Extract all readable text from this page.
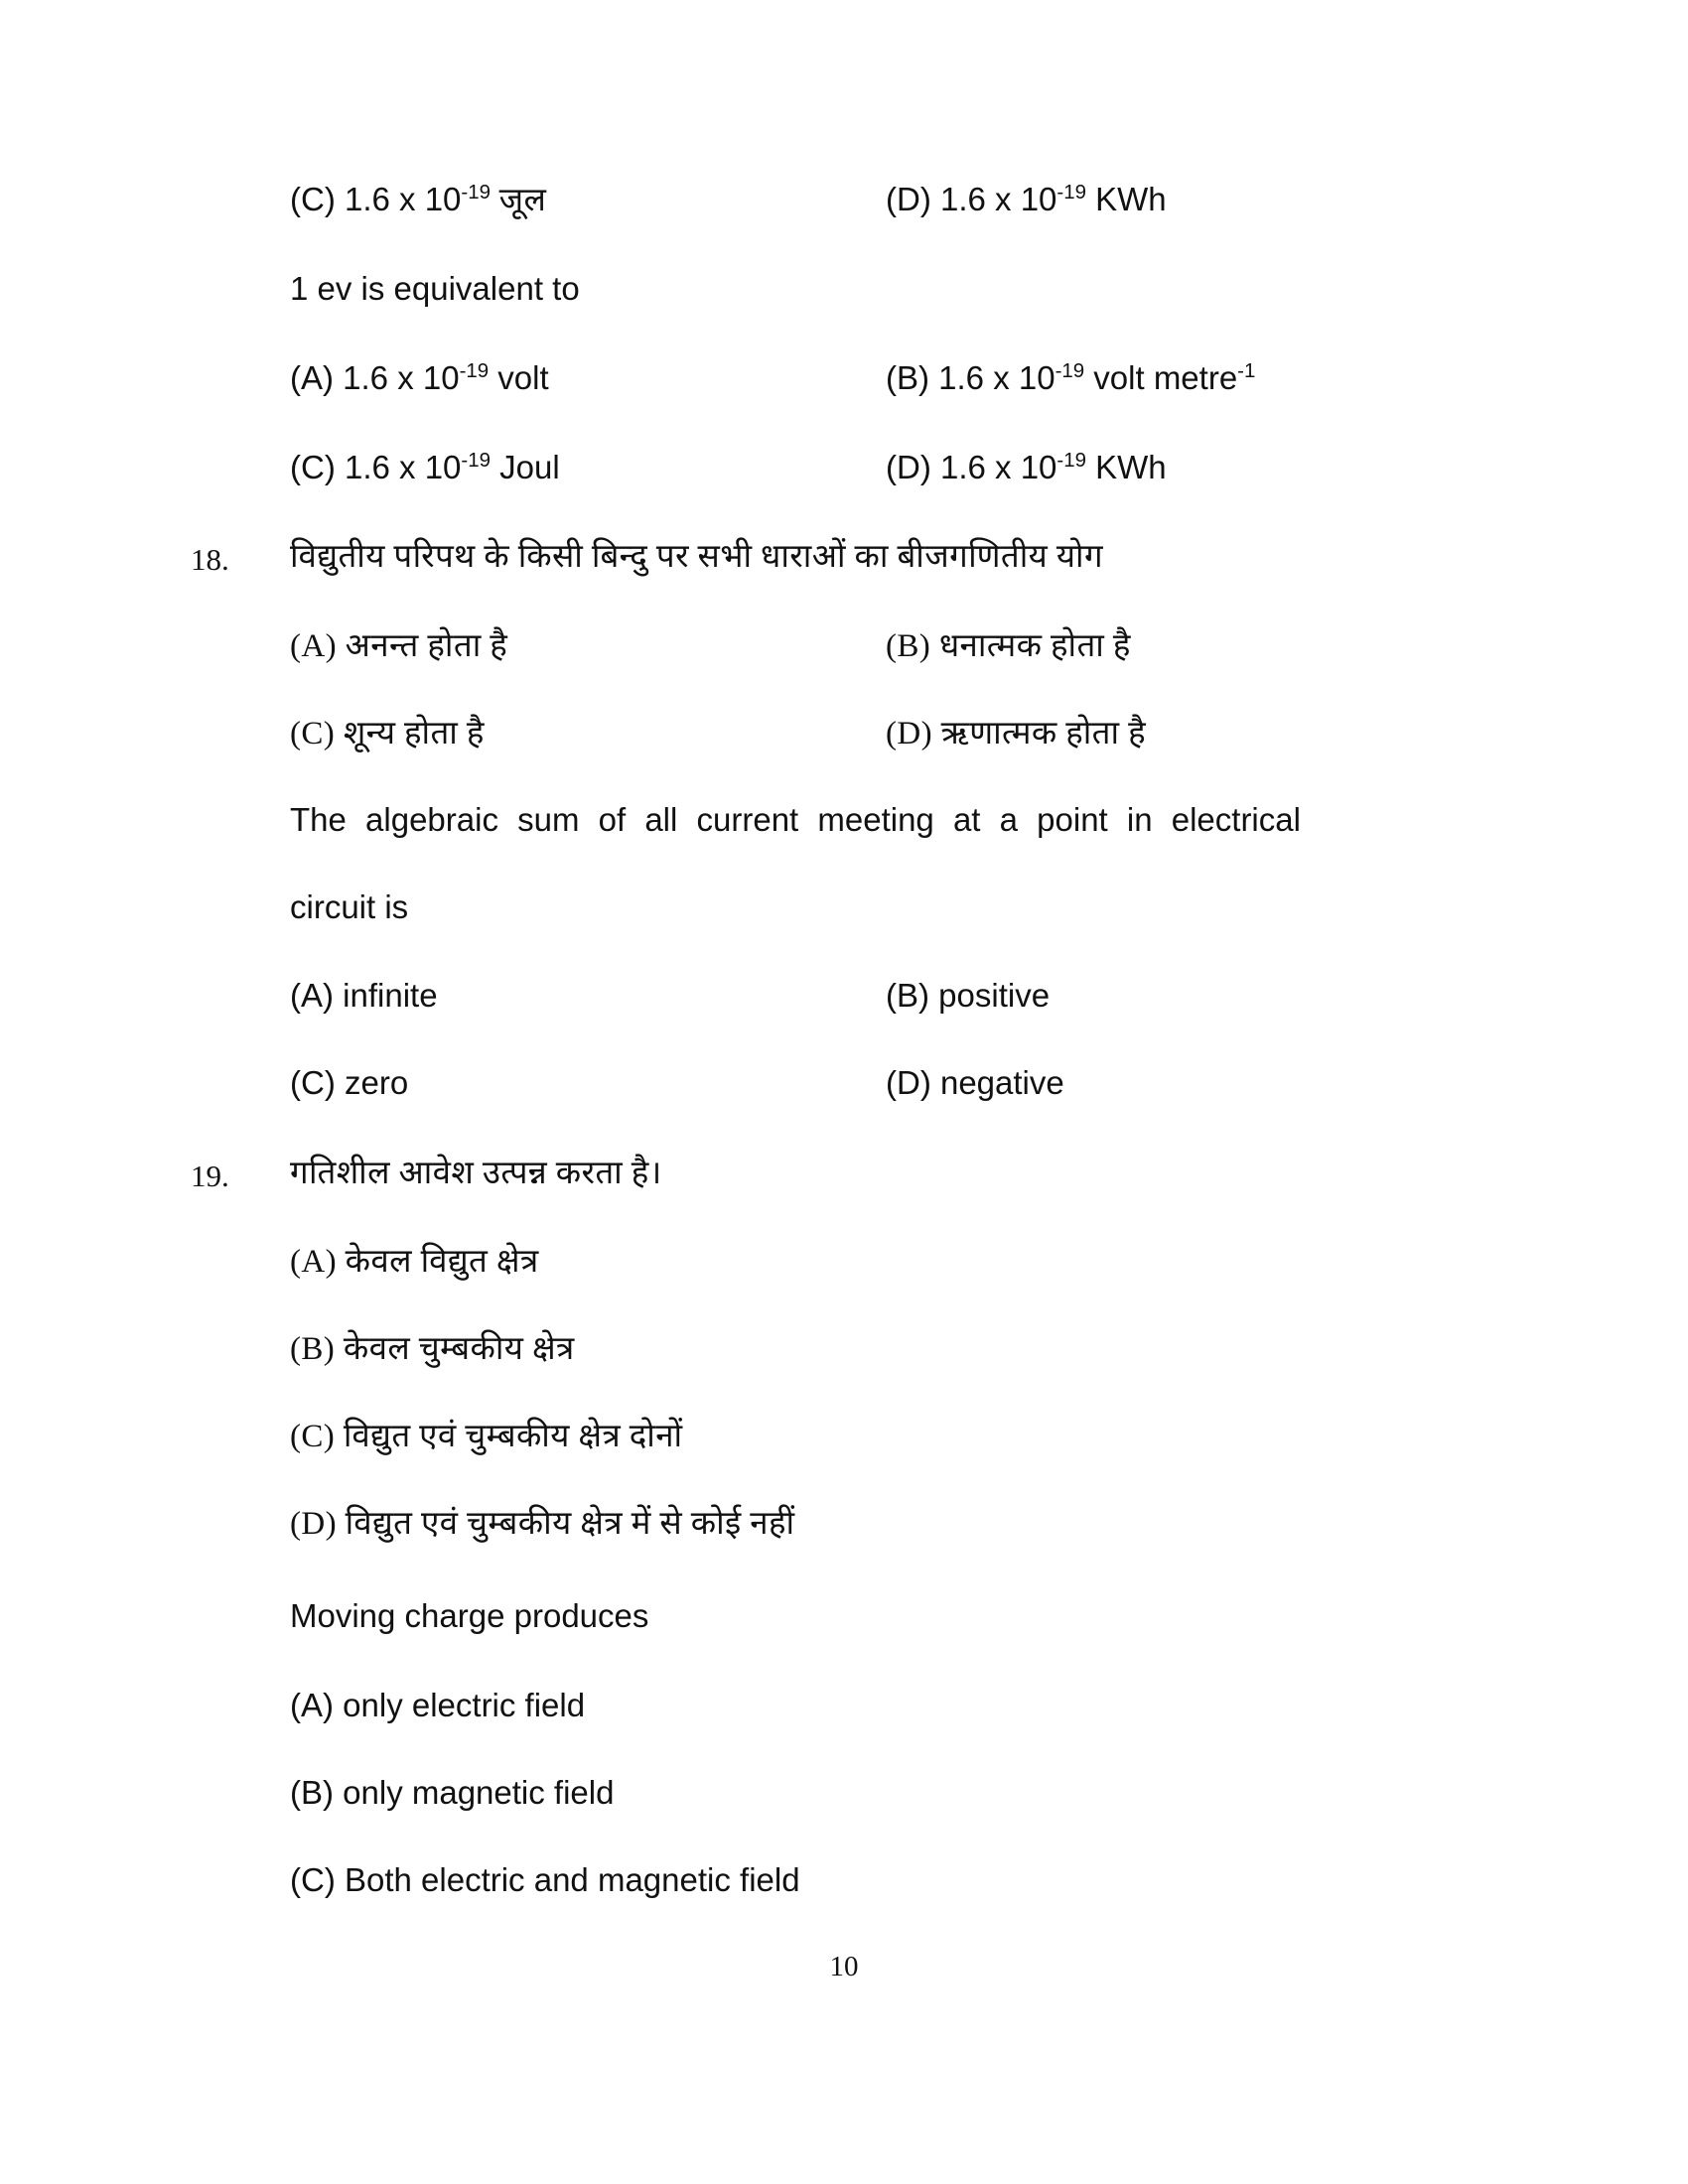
(C) 1.6 x $10^{-19}$ जूल	(D) 1.6 x $10^{-19}$ KWh
1 ev is equivalent to
(A) 1.6 x $10^{-19}$ volt	(B) 1.6 x $10^{-19}$ volt metre$^{-1}$
(C) 1.6 x $10^{-19}$ Joul	(D) 1.6 x $10^{-19}$ KWh
18.	विद्युतीय परिपथ के किसी बिन्दु पर सभी धाराओं का बीजगणितीय योग
(A) अनन्त होता है	(B) धनात्मक होता है
(C) शून्य होता है	(D) ऋणात्मक होता है
The algebraic sum of all current meeting at a point in electrical
circuit is
(A) infinite	(B) positive
(C) zero	(D) negative
19.	गतिशील आवेश उत्पन्न करता है।
(A) केवल विद्युत क्षेत्र
(B) केवल चुम्बकीय क्षेत्र
(C) विद्युत एवं चुम्बकीय क्षेत्र दोनों
(D) विद्युत एवं चुम्बकीय क्षेत्र में से कोई नहीं
Moving charge produces
(A) only electric field
(B) only magnetic field
(C) Both electric and magnetic field
10
